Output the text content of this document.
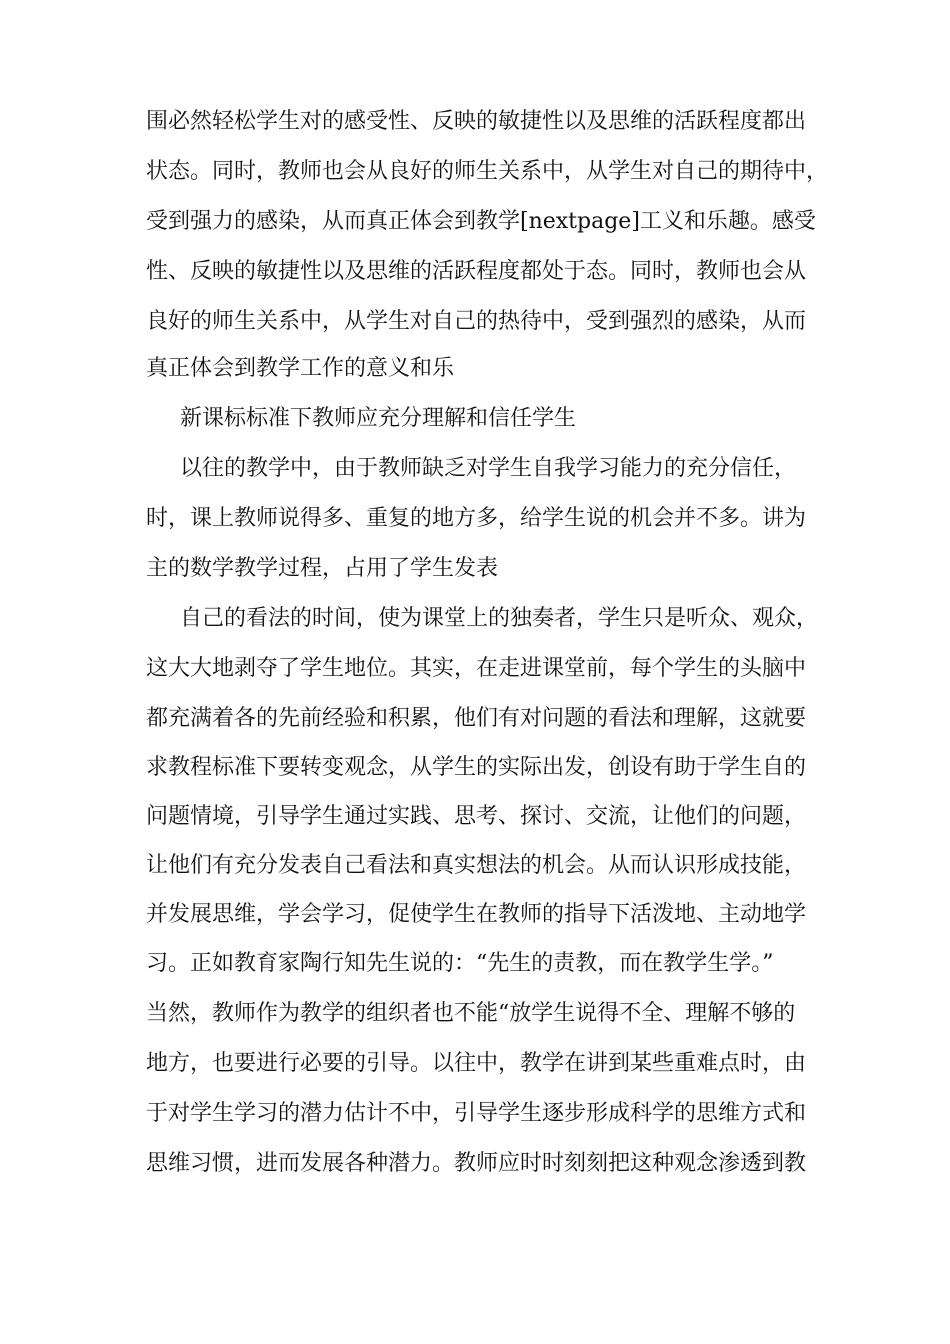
围必然轻松学生对的感受性、反映的敏捷性以及思维的活跃程度都出
状态。同时，教师也会从良好的师生关系中，从学生对自己的期待中，
受到强力的感染，从而真正体会到教学[nextpage]工义和乐趣。感受
性、反映的敏捷性以及思维的活跃程度都处于态。同时，教师也会从
良好的师生关系中，从学生对自己的热待中，受到强烈的感染，从而
真正体会到教学工作的意义和乐
新课标标准下教师应充分理解和信任学生
以往的教学中，由于教师缺乏对学生自我学习能力的充分信任，
时，课上教师说得多、重复的地方多，给学生说的机会并不多。讲为
主的数学教学过程，占用了学生发表
自己的看法的时间，使为课堂上的独奏者，学生只是听众、观众，
这大大地剥夺了学生地位。其实，在走进课堂前，每个学生的头脑中
都充满着各的先前经验和积累，他们有对问题的看法和理解，这就要
求教程标准下要转变观念，从学生的实际出发，创设有助于学生自的
问题情境，引导学生通过实践、思考、探讨、交流，让他们的问题，
让他们有充分发表自己看法和真实想法的机会。从而认识形成技能，
并发展思维，学会学习，促使学生在教师的指导下活泼地、主动地学
习。正如教育家陶行知先生说的：“先生的责教，而在教学生学。”
当然，教师作为教学的组织者也不能“放学生说得不全、理解不够的
地方，也要进行必要的引导。以往中，教学在讲到某些重难点时，由
于对学生学习的潜力估计不中，引导学生逐步形成科学的思维方式和
思维习惯，进而发展各种潜力。教师应时时刻刻把这种观念渗透到教
